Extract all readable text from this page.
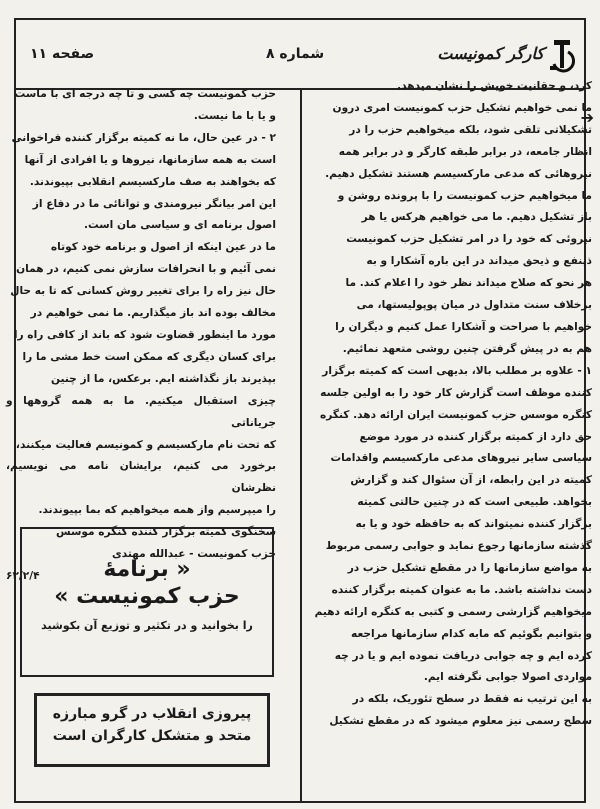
صفحه ۱۱	شماره ۸	کارگر کمونیست
➔

کرد، و حقانیت خویش را نشان میدهد.

ما نمی خواهیم تشکیل حزب کمونیست امری درون

تشکیلاتی تلقی شود، بلکه میخواهیم حزب را در

انظار جامعه، در برابر طبقه کارگر و در برابر همه

نیروهائی که مدعی مارکسیسم هستند تشکیل دهیم.

ما میخواهیم حزب کمونیست را با پرونده روشن و

باز تشکیل دهیم. ما می خواهیم هرکس یا هر

نیروئی که خود را در امر تشکیل حزب کمونیست

ذینفع و ذیحق میداند در این باره آشکارا و به

هر نحو که صلاح میداند نظر خود را اعلام کند. ما

برخلاف سنت متداول در میان پوپولیستها، می

خواهیم با صراحت و آشکارا عمل کنیم و دیگران را

هم به در پیش گرفتن چنین روشی متعهد نمائیم.

۱ - علاوه بر مطلب بالا، بدیهی است که کمیته برگزار

کننده موظف است گزارش کار خود را به اولین جلسه

کنگره موسس حزب کمونیست ایران ارائه دهد. کنگره

حق دارد از کمیته برگزار کننده در مورد موضع

سیاسی سایر نیروهای مدعی مارکسیسم واقدامات

کمیته در این رابطه، از آن سئوال کند و گزارش

بخواهد. طبیعی است که در چنین حالتی کمیته

برگزار کننده نمیتواند که به حافظه خود و یا به

گذشته سازمانها رجوع نماید و جوابی رسمی مربوط

به مواضع سازمانها را در مقطع تشکیل حزب در

دست نداشته باشد. ما به عنوان کمیته برگزار کننده

میخواهیم گزارشی رسمی و کتبی به کنگره ارائه دهیم

و بتوانیم بگوئیم که مابه کدام سازمانها مراجعه

کرده ایم و چه جوابی دریافت نموده ایم و یا در چه

مواردی اصولا جوابی نگرفته ایم.

به این ترتیب نه فقط در سطح تئوریک، بلکه در

سطح رسمی نیز معلوم میشود که در مقطع تشکیل

حزب کمونیست چه کسی و تا چه درجه ای با ماست

و یا با ما نیست.

۲ - در عین حال، ما نه کمیته برگزار کننده فراخوانی

است به همه سازمانها، نیروها و یا افرادی از آنها

که بخواهند به صف مارکسیسم انقلابی بپیوندند.

این امر بیانگر نیرومندی و توانائی ما در دفاع از

اصول برنامه ای و سیاسی مان است.

ما در عین اینکه از اصول و برنامه خود کوتاه

نمی آئیم و با انحرافات سازش نمی کنیم، در همان

حال نیز راه را برای تغییر روش کسانی که تا به حال

مخالف بوده اند باز میگذاریم. ما نمی خواهیم در

مورد ما اینطور قضاوت شود که باند از کافی راه را

برای کسان دیگری که ممکن است خط مشی ما را

بپذیرند باز نگذاشته ایم. برعکس، ما از چنین

چیزی استقبال میکنیم. ما به همه گروهها و جریاناتی

که تحت نام مارکسیسم و کمونیسم فعالیت میکنند،

برخورد می کنیم، برایشان نامه می نویسیم، نظرشان

را میپرسیم واز همه میخواهیم که بما بپیوندند.

سخنگوی کمیته برگزار کننده کنگره موسس

حزب کمونیست - عبدالله مهتدی

۶۲/۲/۴	« برنامهٔ
حزب کمونیست »
را بخوانید و در تکثیر و توزیع آن بکوشید
پیروزی انقلاب در گرو مبارزه
متحد و متشکل کارگران است
